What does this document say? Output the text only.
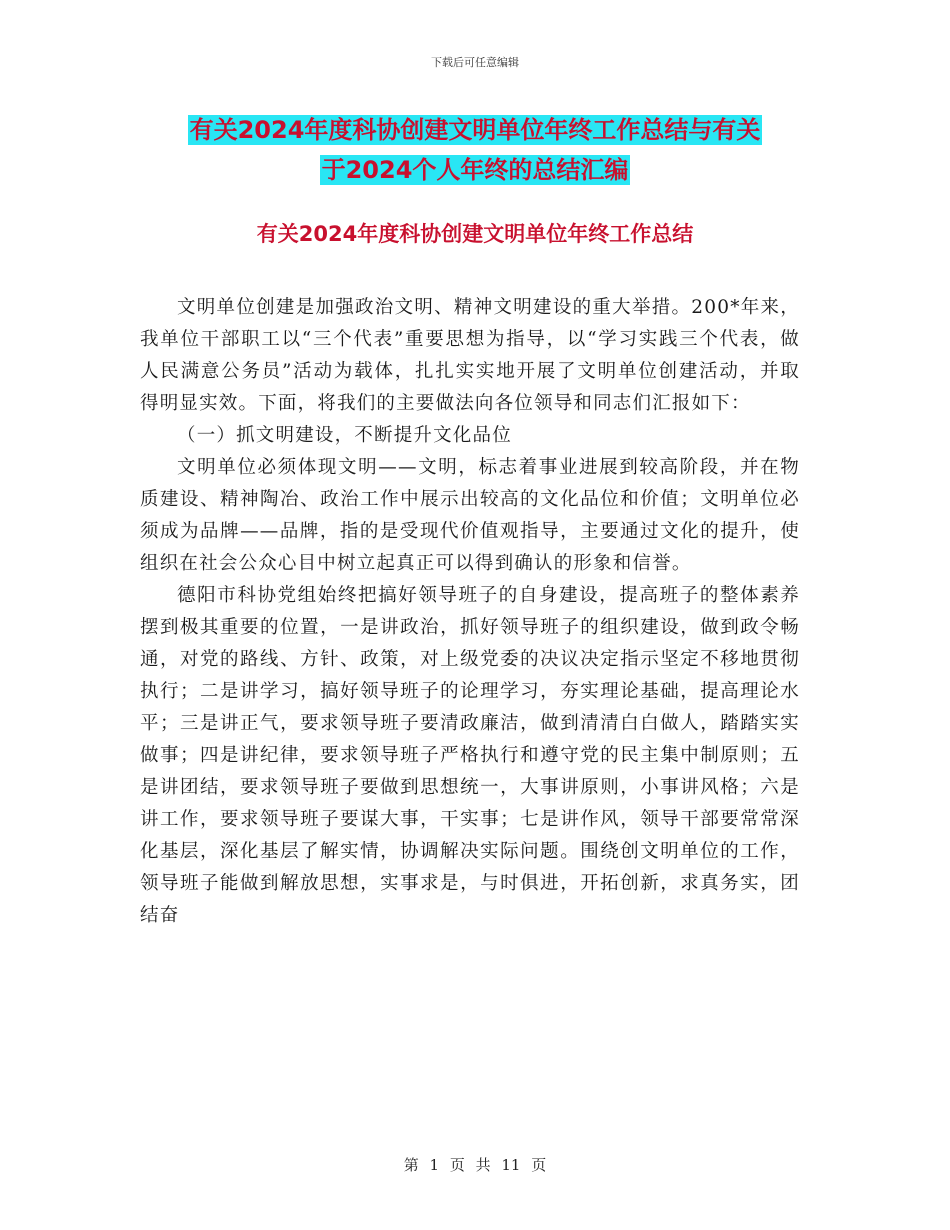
下载后可任意编辑
有关2024年度科协创建文明单位年终工作总结与有关
于2024个人年终的总结汇编
有关2024年度科协创建文明单位年终工作总结

文明单位创建是加强政治文明、精神文明建设的重大举措。200*年来，我单位干部职工以“三个代表”重要思想为指导，以“学习实践三个代表，做人民满意公务员”活动为载体，扎扎实实地开展了文明单位创建活动，并取得明显实效。下面，将我们的主要做法向各位领导和同志们汇报如下：

（一）抓文明建设，不断提升文化品位

文明单位必须体现文明——文明，标志着事业进展到较高阶段，并在物质建设、精神陶冶、政治工作中展示出较高的文化品位和价值；文明单位必须成为品牌——品牌，指的是受现代价值观指导，主要通过文化的提升，使组织在社会公众心目中树立起真正可以得到确认的形象和信誉。

德阳市科协党组始终把搞好领导班子的自身建设，提高班子的整体素养摆到极其重要的位置，一是讲政治，抓好领导班子的组织建设，做到政令畅通，对党的路线、方针、政策，对上级党委的决议决定指示坚定不移地贯彻执行；二是讲学习，搞好领导班子的论理学习，夯实理论基础，提高理论水平；三是讲正气，要求领导班子要清政廉洁，做到清清白白做人，踏踏实实做事；四是讲纪律，要求领导班子严格执行和遵守党的民主集中制原则；五是讲团结，要求领导班子要做到思想统一，大事讲原则，小事讲风格；六是讲工作，要求领导班子要谋大事，干实事；七是讲作风，领导干部要常常深化基层，深化基层了解实情，协调解决实际问题。围绕创文明单位的工作，领导班子能做到解放思想，实事求是，与时俱进，开拓创新，求真务实，团结奋

第 1 页 共 11 页
